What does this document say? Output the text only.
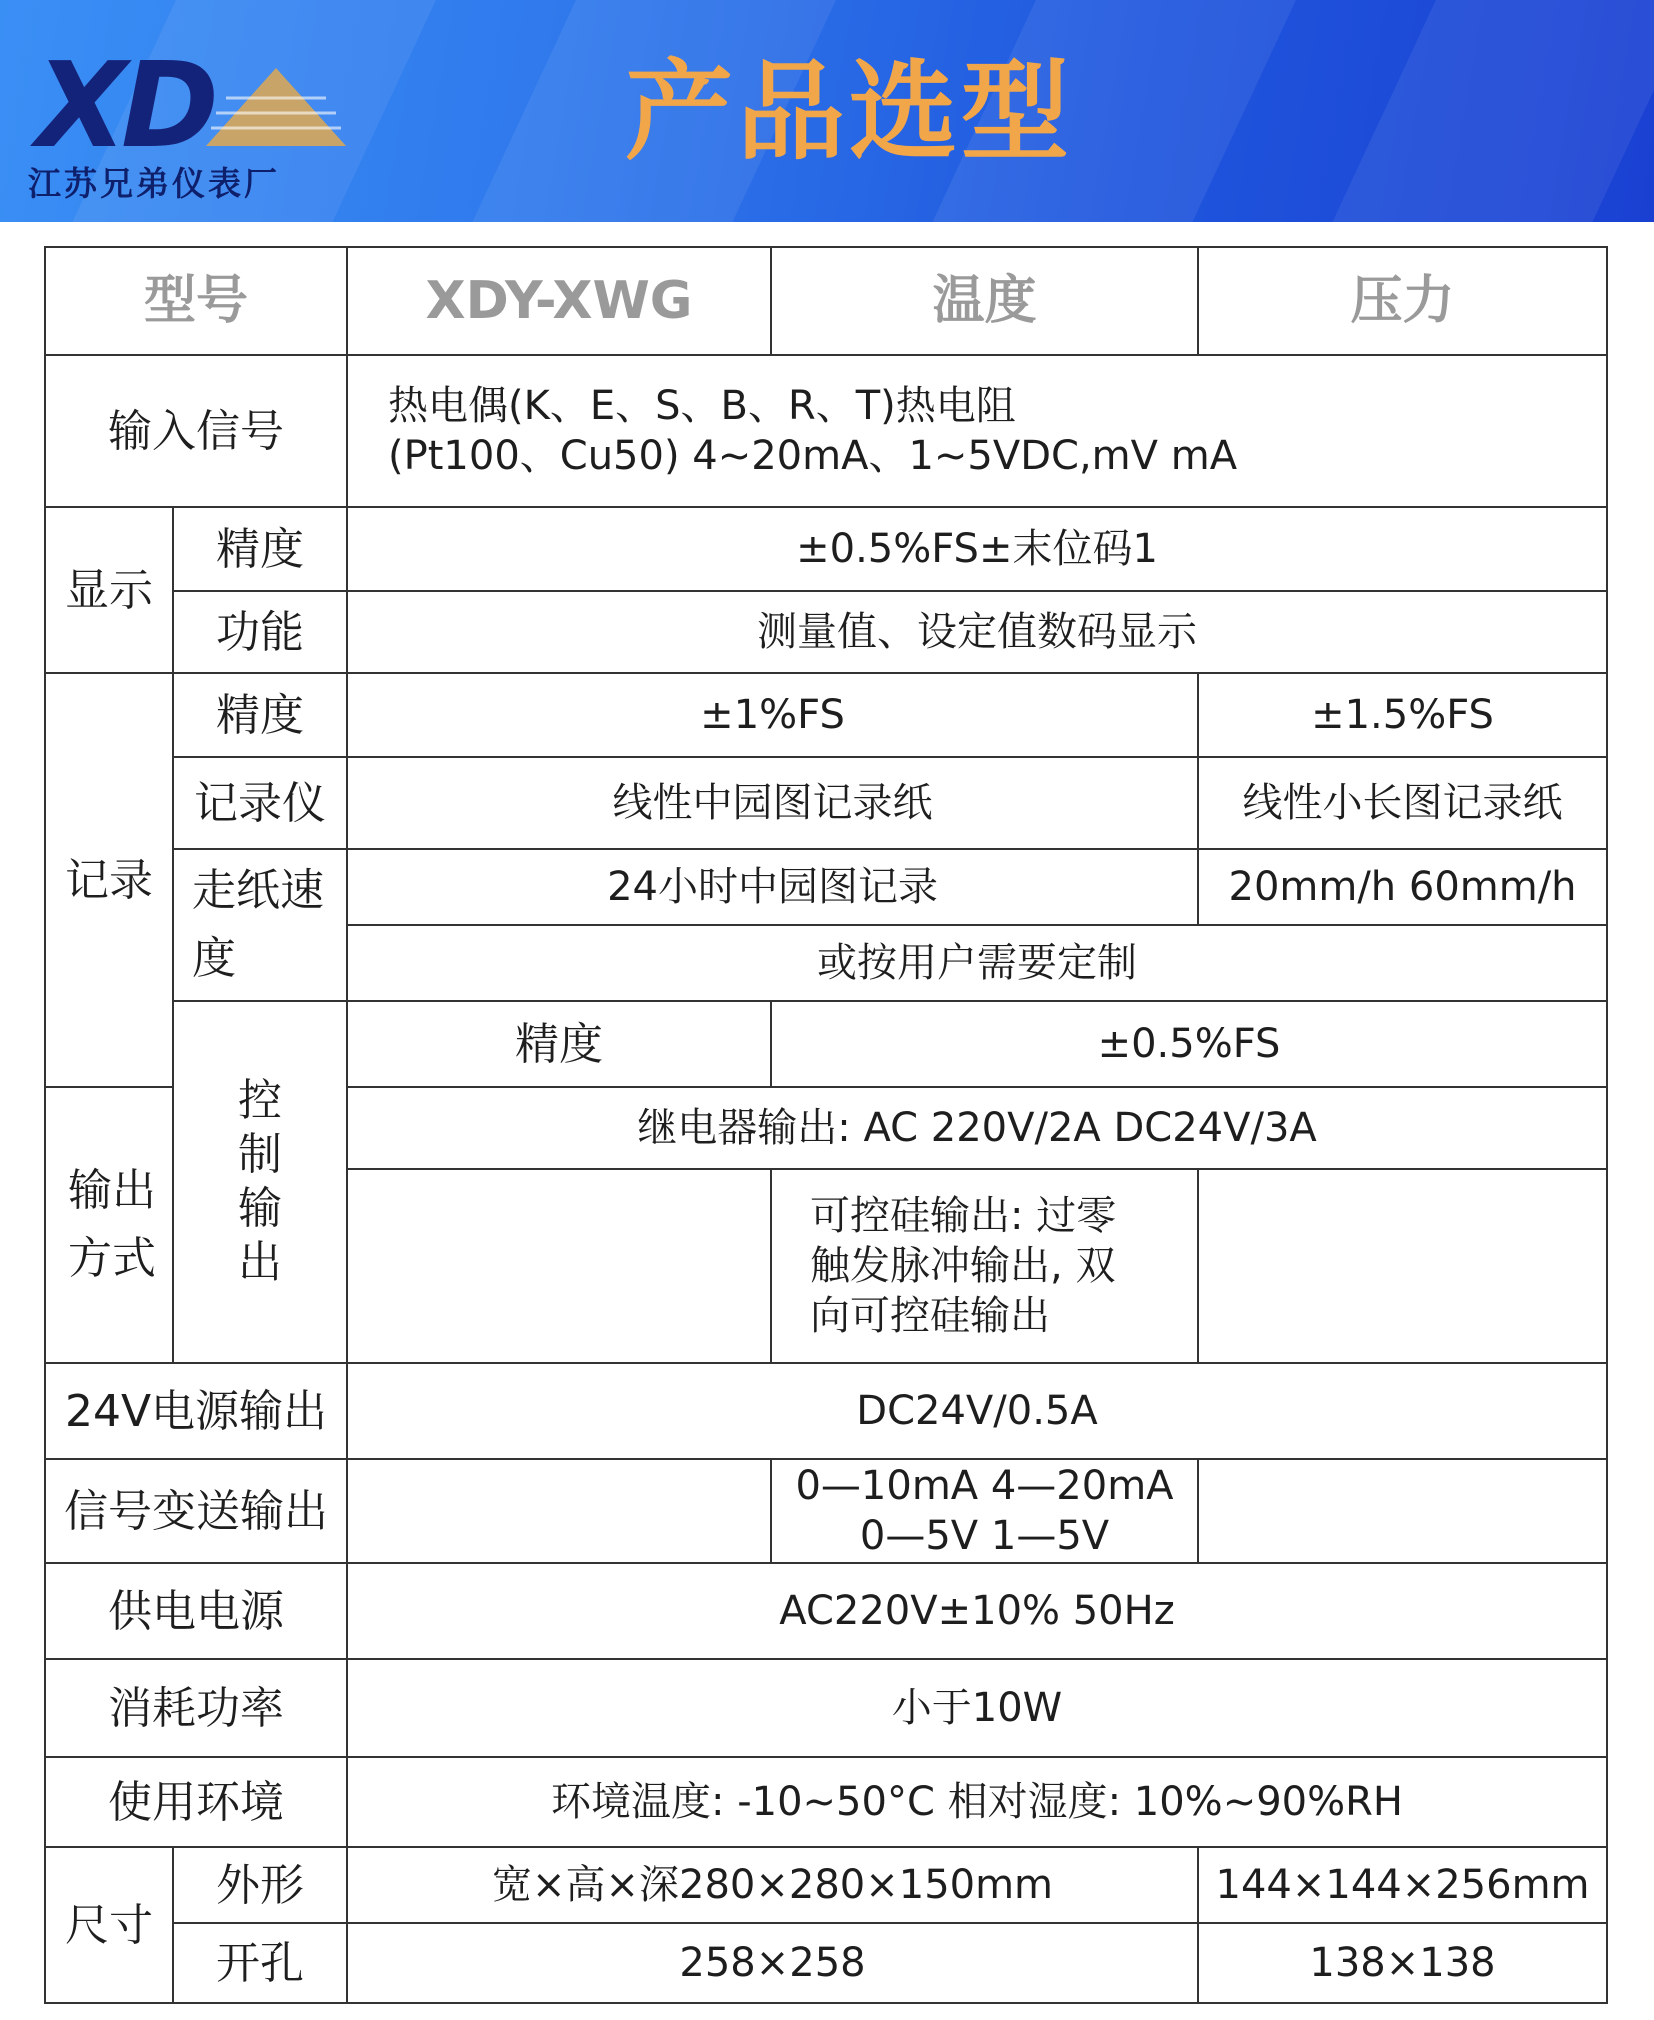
XD
江苏兄弟仪表厂
产品选型
型号		XDY-XWG	温度	压力
输入信号		热电偶(K、E、S、B、R、T)热电阻
(Pt100、Cu50) 4~20mA、1~5VDC,mV mA		

显示	精度	±0.5%FS±末位码1		
	功能	测量值、设定值数码显示		
记录	精度	±1%FS		±1.5%FS
	记录仪	线性中园图记录纸		线性小长图记录纸
	走纸速度	24小时中园图记录		20mm/h 60mm/h
		或按用户需要定制		
	控制输出	精度	±0.5%FS	
输出方式		继电器输出: AC 220V/2A DC24V/3A		

			可控硅输出: 过零
触发脉冲输出, 双
向可控硅输出	

24V电源输出		DC24V/0.5A		
信号变送输出			0—10mA 4—20mA
0—5V 1—5V	

供电电源		AC220V±10% 50Hz		
消耗功率		小于10W		
使用环境		环境温度: -10~50°C 相对湿度: 10%~90%RH		
尺寸	外形	宽×高×深280×280×150mm		144×144×256mm
	开孔	258×258		138×138
